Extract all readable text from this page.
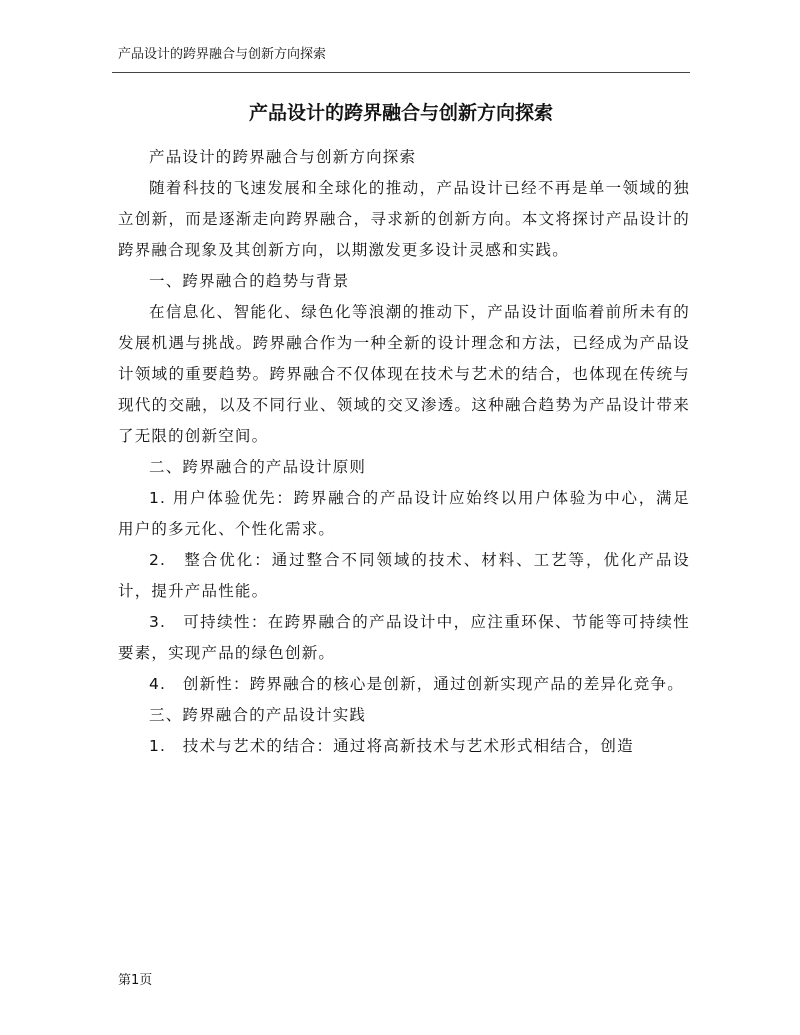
产品设计的跨界融合与创新方向探索
产品设计的跨界融合与创新方向探索

产品设计的跨界融合与创新方向探索

随着科技的飞速发展和全球化的推动，产品设计已经不再是单一领域的独立创新，而是逐渐走向跨界融合，寻求新的创新方向。本文将探讨产品设计的跨界融合现象及其创新方向，以期激发更多设计灵感和实践。

一、跨界融合的趋势与背景

在信息化、智能化、绿色化等浪潮的推动下，产品设计面临着前所未有的发展机遇与挑战。跨界融合作为一种全新的设计理念和方法，已经成为产品设计领域的重要趋势。跨界融合不仅体现在技术与艺术的结合，也体现在传统与现代的交融，以及不同行业、领域的交叉渗透。这种融合趋势为产品设计带来了无限的创新空间。

二、跨界融合的产品设计原则

1. 用户体验优先：跨界融合的产品设计应始终以用户体验为中心，满足用户的多元化、个性化需求。

2.　整合优化：通过整合不同领域的技术、材料、工艺等，优化产品设计，提升产品性能。

3.　可持续性：在跨界融合的产品设计中，应注重环保、节能等可持续性要素，实现产品的绿色创新。

4.　创新性：跨界融合的核心是创新，通过创新实现产品的差异化竞争。

三、跨界融合的产品设计实践

1.　技术与艺术的结合：通过将高新技术与艺术形式相结合，创造

第1页
